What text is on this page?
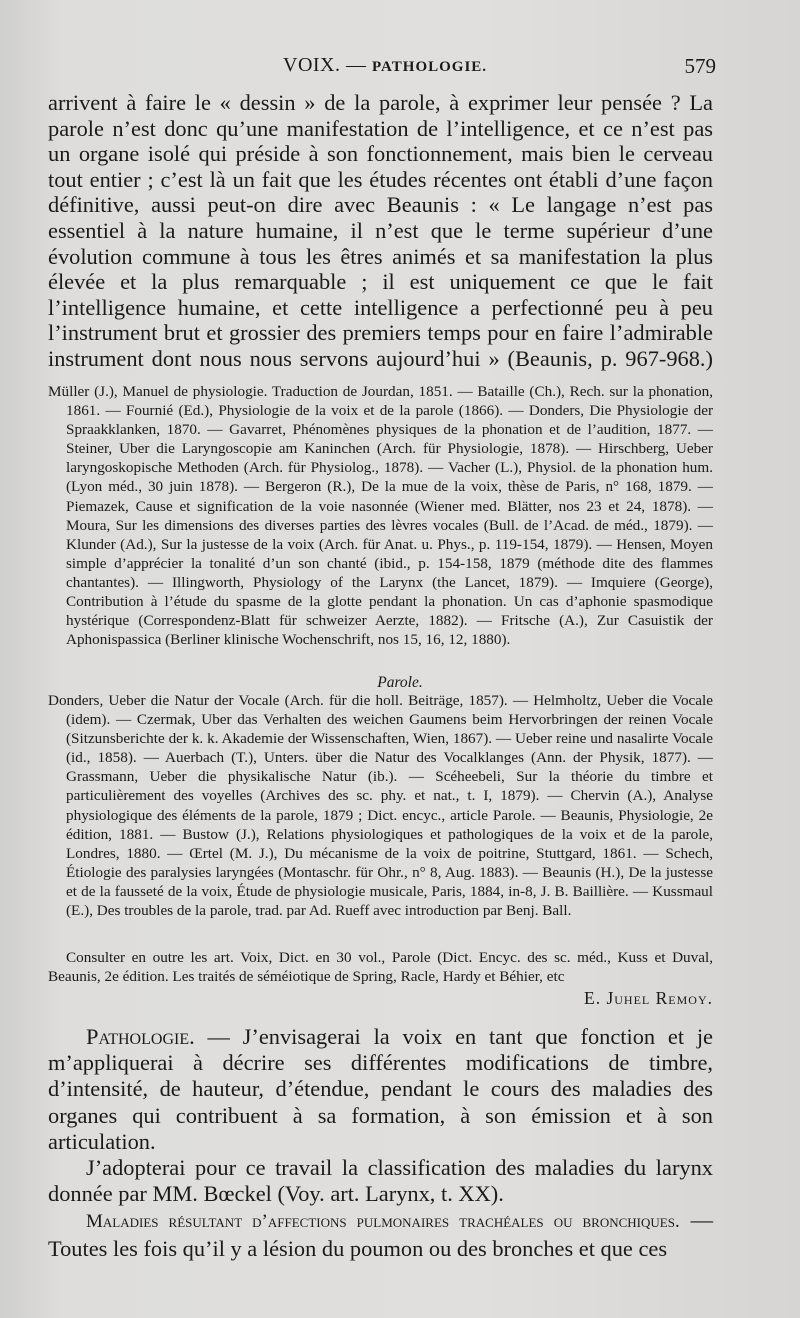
VOIX. — PATHOLOGIE.	579

arrivent à faire le « dessin » de la parole, à exprimer leur pensée ? La parole n’est donc qu’une manifestation de l’intelligence, et ce n’est pas un organe isolé qui préside à son fonctionnement, mais bien le cerveau tout entier ; c’est là un fait que les études récentes ont établi d’une façon définitive, aussi peut-on dire avec Beaunis : « Le langage n’est pas essentiel à la nature humaine, il n’est que le terme supérieur d’une évolution commune à tous les êtres animés et sa manifestation la plus élevée et la plus remarquable ; il est uniquement ce que le fait l’intelligence humaine, et cette intelligence a perfectionné peu à peu l’instrument brut et grossier des premiers temps pour en faire l’admirable instrument dont nous nous servons aujourd’hui » (Beaunis, p. 967-968.)

Müller (J.), Manuel de physiologie. Traduction de Jourdan, 1851. — Bataille (Ch.), Rech. sur la phonation, 1861. — Fournié (Ed.), Physiologie de la voix et de la parole (1866). — Donders, Die Physiologie der Spraakklanken, 1870. — Gavarret, Phénomènes physiques de la phonation et de l’audition, 1877. — Steiner, Uber die Laryngoscopie am Kaninchen (Arch. für Physiologie, 1878). — Hirschberg, Ueber laryngoskopische Methoden (Arch. für Physiolog., 1878). — Vacher (L.), Physiol. de la phonation hum. (Lyon méd., 30 juin 1878). — Bergeron (R.), De la mue de la voix, thèse de Paris, n° 168, 1879. — Piemazek, Cause et signification de la voie nasonnée (Wiener med. Blätter, nos 23 et 24, 1878). — Moura, Sur les dimensions des diverses parties des lèvres vocales (Bull. de l’Acad. de méd., 1879). — Klunder (Ad.), Sur la justesse de la voix (Arch. für Anat. u. Phys., p. 119-154, 1879). — Hensen, Moyen simple d’apprécier la tonalité d’un son chanté (ibid., p. 154-158, 1879 (méthode dite des flammes chantantes). — Illingworth, Physiology of the Larynx (the Lancet, 1879). — Imquiere (George), Contribution à l’étude du spasme de la glotte pendant la phonation. Un cas d’aphonie spasmodique hystérique (Correspondenz-Blatt für schweizer Aerzte, 1882). — Fritsche (A.), Zur Casuistik der Aphonispassica (Berliner klinische Wochenschrift, nos 15, 16, 12, 1880).

Parole.

Donders, Ueber die Natur der Vocale (Arch. für die holl. Beiträge, 1857). — Helmholtz, Ueber die Vocale (idem). — Czermak, Uber das Verhalten des weichen Gaumens beim Hervorbringen der reinen Vocale (Sitzunsberichte der k. k. Akademie der Wissenschaften, Wien, 1867). — Ueber reine und nasalirte Vocale (id., 1858). — Auerbach (T.), Unters. über die Natur des Vocalklanges (Ann. der Physik, 1877). — Grassmann, Ueber die physikalische Natur (ib.). — Scéheebeli, Sur la théorie du timbre et particulièrement des voyelles (Archives des sc. phy. et nat., t. I, 1879). — Chervin (A.), Analyse physiologique des éléments de la parole, 1879 ; Dict. encyc., article Parole. — Beaunis, Physiologie, 2e édition, 1881. — Bustow (J.), Relations physiologiques et pathologiques de la voix et de la parole, Londres, 1880. — Œrtel (M. J.), Du mécanisme de la voix de poitrine, Stuttgard, 1861. — Schech, Étiologie des paralysies laryngées (Montaschr. für Ohr., n° 8, Aug. 1883). — Beaunis (H.), De la justesse et de la fausseté de la voix, Étude de physiologie musicale, Paris, 1884, in-8, J. B. Baillière. — Kussmaul (E.), Des troubles de la parole, trad. par Ad. Rueff avec introduction par Benj. Ball.

Consulter en outre les art. Voix, Dict. en 30 vol., Parole (Dict. Encyc. des sc. méd., Kuss et Duval, Beaunis, 2e édition. Les traités de séméiotique de Spring, Racle, Hardy et Béhier, etc

E. Juhel Remoy.

Pathologie. — J’envisagerai la voix en tant que fonction et je m’appliquerai à décrire ses différentes modifications de timbre, d’intensité, de hauteur, d’étendue, pendant le cours des maladies des organes qui contribuent à sa formation, à son émission et à son articulation.

J’adopterai pour ce travail la classification des maladies du larynx donnée par MM. Bœckel (Voy. art. Larynx, t. XX).

Maladies résultant d’affections pulmonaires trachéales ou bronchiques. — Toutes les fois qu’il y a lésion du poumon ou des bronches et que ces
